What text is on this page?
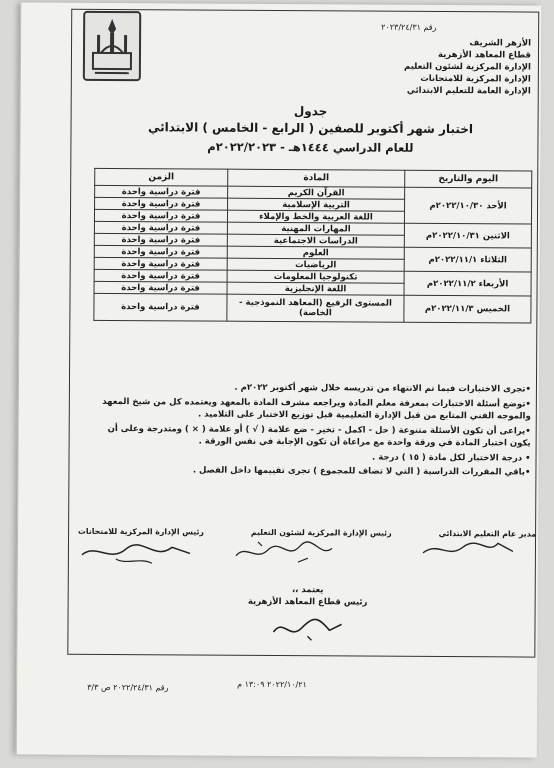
رقم ٢٠٢٣/٢٤/٣١
الأزهر الشريف
قطاع المعاهد الأزهرية
الإدارة المركزية لشئون التعليم
الإدارة المركزية للامتحانات
الإدارة العامة للتعليم الابتدائي
جدول
اختبار شهر أكتوبر للصفين ( الرابع - الخامس ) الابتدائي
للعام الدراسي ١٤٤٤هـ - ٢٠٢٢/٢٠٢٣م
اليوم والتاريخ	المادة	الزمن
الأحد ٢٠٢٢/١٠/٣٠م	القرآن الكريم	فترة دراسية واحدة
	التربية الإسلامية	فترة دراسية واحدة
	اللغة العربية والخط والإملاء	فترة دراسية واحدة
الاثنين ٢٠٢٢/١٠/٣١م	المهارات المهنية	فترة دراسية واحدة
	الدراسات الاجتماعية	فترة دراسية واحدة
الثلاثاء ٢٠٢٢/١١/١م	العلوم	فترة دراسية واحدة
	الرياضيات	فترة دراسية واحدة
الأربعاء ٢٠٢٢/١١/٢م	تكنولوجيا المعلومات	فترة دراسية واحدة
	اللغة الإنجليزية	فترة دراسية واحدة
الخميس ٢٠٢٢/١١/٣م	المستوى الرفيع (المعاهد النموذجية - الخاصة)	فترة دراسية واحدة

•تجرى الاختبارات فيما تم الانتهاء من تدريسه خلال شهر أكتوبر ٢٠٢٢م .

•توضع أسئلة الاختبارات بمعرفة معلم المادة ويراجعه مشرف المادة بالمعهد ويعتمده كل من شيخ المعهد والموجه الفني المتابع من قبل الإدارة التعليمية قبل توزيع الاختبار على التلاميذ .

•يراعى أن تكون الأسئلة متنوعة ( حل - اكمل - تخير - ضع علامة ( √ ) أو علامة ( × ) ومتدرجة وعلى أن يكون اختبار المادة في ورقة واحدة مع مراعاة أن تكون الإجابة في نفس الورقة .

• درجة الاختبار لكل مادة ( ١٥ ) درجة .

•باقي المقررات الدراسية ( التي لا تضاف للمجموع ) تجرى تقييمها داخل الفصل .

مدير عام التعليم الابتدائي
رئيس الإدارة المركزية لشئون التعليم
رئيس الإدارة المركزية للامتحانات
يعتمد ،،
رئيس قطاع المعاهد الأزهرية
رقم ٢٠٢٢/٢٤/٣١ ص ٣/٣	٢٠٢٢/١٠/٢١ ١٣:٠٩ م
